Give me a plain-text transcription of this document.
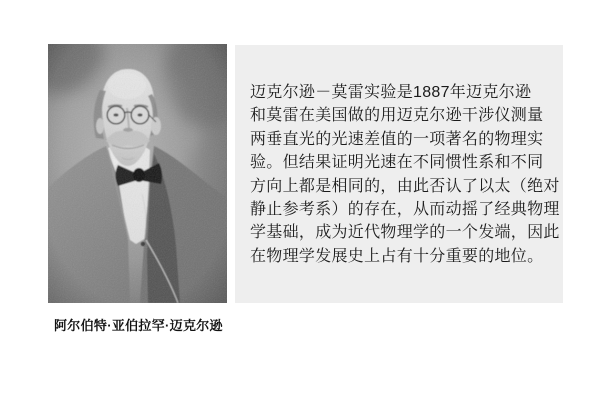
阿尔伯特·亚伯拉罕·迈克尔逊
迈克尔逊－莫雷实验是1887年迈克尔逊
和莫雷在美国做的用迈克尔逊干涉仪测量
两垂直光的光速差值的一项著名的物理实
验。但结果证明光速在不同惯性系和不同
方向上都是相同的，由此否认了以太（绝对
静止参考系）的存在，从而动摇了经典物理
学基础，成为近代物理学的一个发端，因此
在物理学发展史上占有十分重要的地位。
